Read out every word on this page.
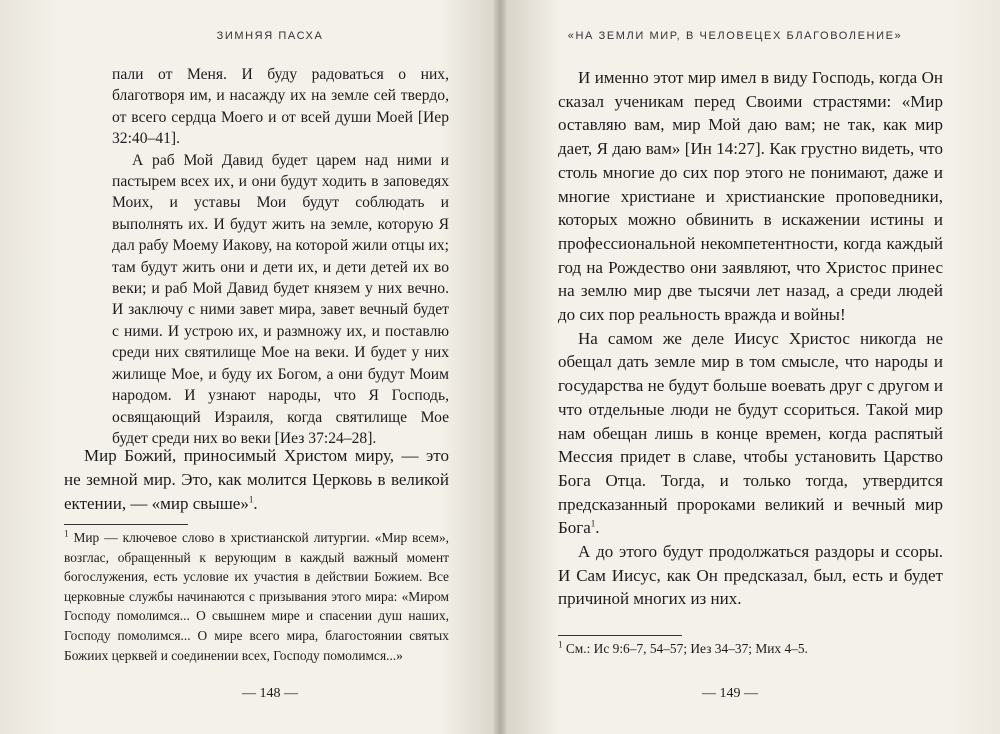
ЗИМНЯЯ ПАСХА

пали от Меня. И буду радоваться о них, благотворя им, и насажду их на земле сей твердо, от всего сердца Моего и от всей души Моей [Иер 32:40–41].

А раб Мой Давид будет царем над ними и пастырем всех их, и они будут ходить в заповедях Моих, и уставы Мои будут соблюдать и выполнять их. И будут жить на земле, которую Я дал рабу Моему Иакову, на которой жили отцы их; там будут жить они и дети их, и дети детей их во веки; и раб Мой Давид будет князем у них вечно. И заключу с ними завет мира, завет вечный будет с ними. И устрою их, и размножу их, и поставлю среди них святилище Мое на веки. И будет у них жилище Мое, и буду их Богом, а они будут Моим народом. И узнают народы, что Я Господь, освящающий Израиля, когда святилище Мое будет среди них во веки [Иез 37:24–28].

Мир Божий, приносимый Христом миру, — это не земной мир. Это, как молится Церковь в великой ектении, — «мир свыше»$^1$.

$^1$ Мир — ключевое слово в христианской литургии. «Мир всем», возглас, обращенный к верующим в каждый важный момент богослужения, есть условие их участия в действии Божием. Все церковные службы начинаются с призывания этого мира: «Миром Господу помолимся... О свышнем мире и спасении душ наших, Господу помолимся... О мире всего мира, благостоянии святых Божиих церквей и соединении всех, Господу помолимся...»

— 148 —
«НА ЗЕМЛИ МИР, В ЧЕЛОВЕЦЕХ БЛАГОВОЛЕНИЕ»

И именно этот мир имел в виду Господь, когда Он сказал ученикам перед Своими страстями: «Мир оставляю вам, мир Мой даю вам; не так, как мир дает, Я даю вам» [Ин 14:27]. Как грустно видеть, что столь многие до сих пор этого не понимают, даже и многие христиане и христианские проповедники, которых можно обвинить в искажении истины и профессиональной некомпетентности, когда каждый год на Рождество они заявляют, что Христос принес на землю мир две тысячи лет назад, а среди людей до сих пор реальность вражда и войны!

На самом же деле Иисус Христос никогда не обещал дать земле мир в том смысле, что народы и государства не будут больше воевать друг с другом и что отдельные люди не будут ссориться. Такой мир нам обещан лишь в конце времен, когда распятый Мессия придет в славе, чтобы установить Царство Бога Отца. Тогда, и только тогда, утвердится предсказанный пророками великий и вечный мир Бога$^1$.

А до этого будут продолжаться раздоры и ссоры. И Сам Иисус, как Он предсказал, был, есть и будет причиной многих из них.

$^1$ См.: Ис 9:6–7, 54–57; Иез 34–37; Мих 4–5.

— 149 —
